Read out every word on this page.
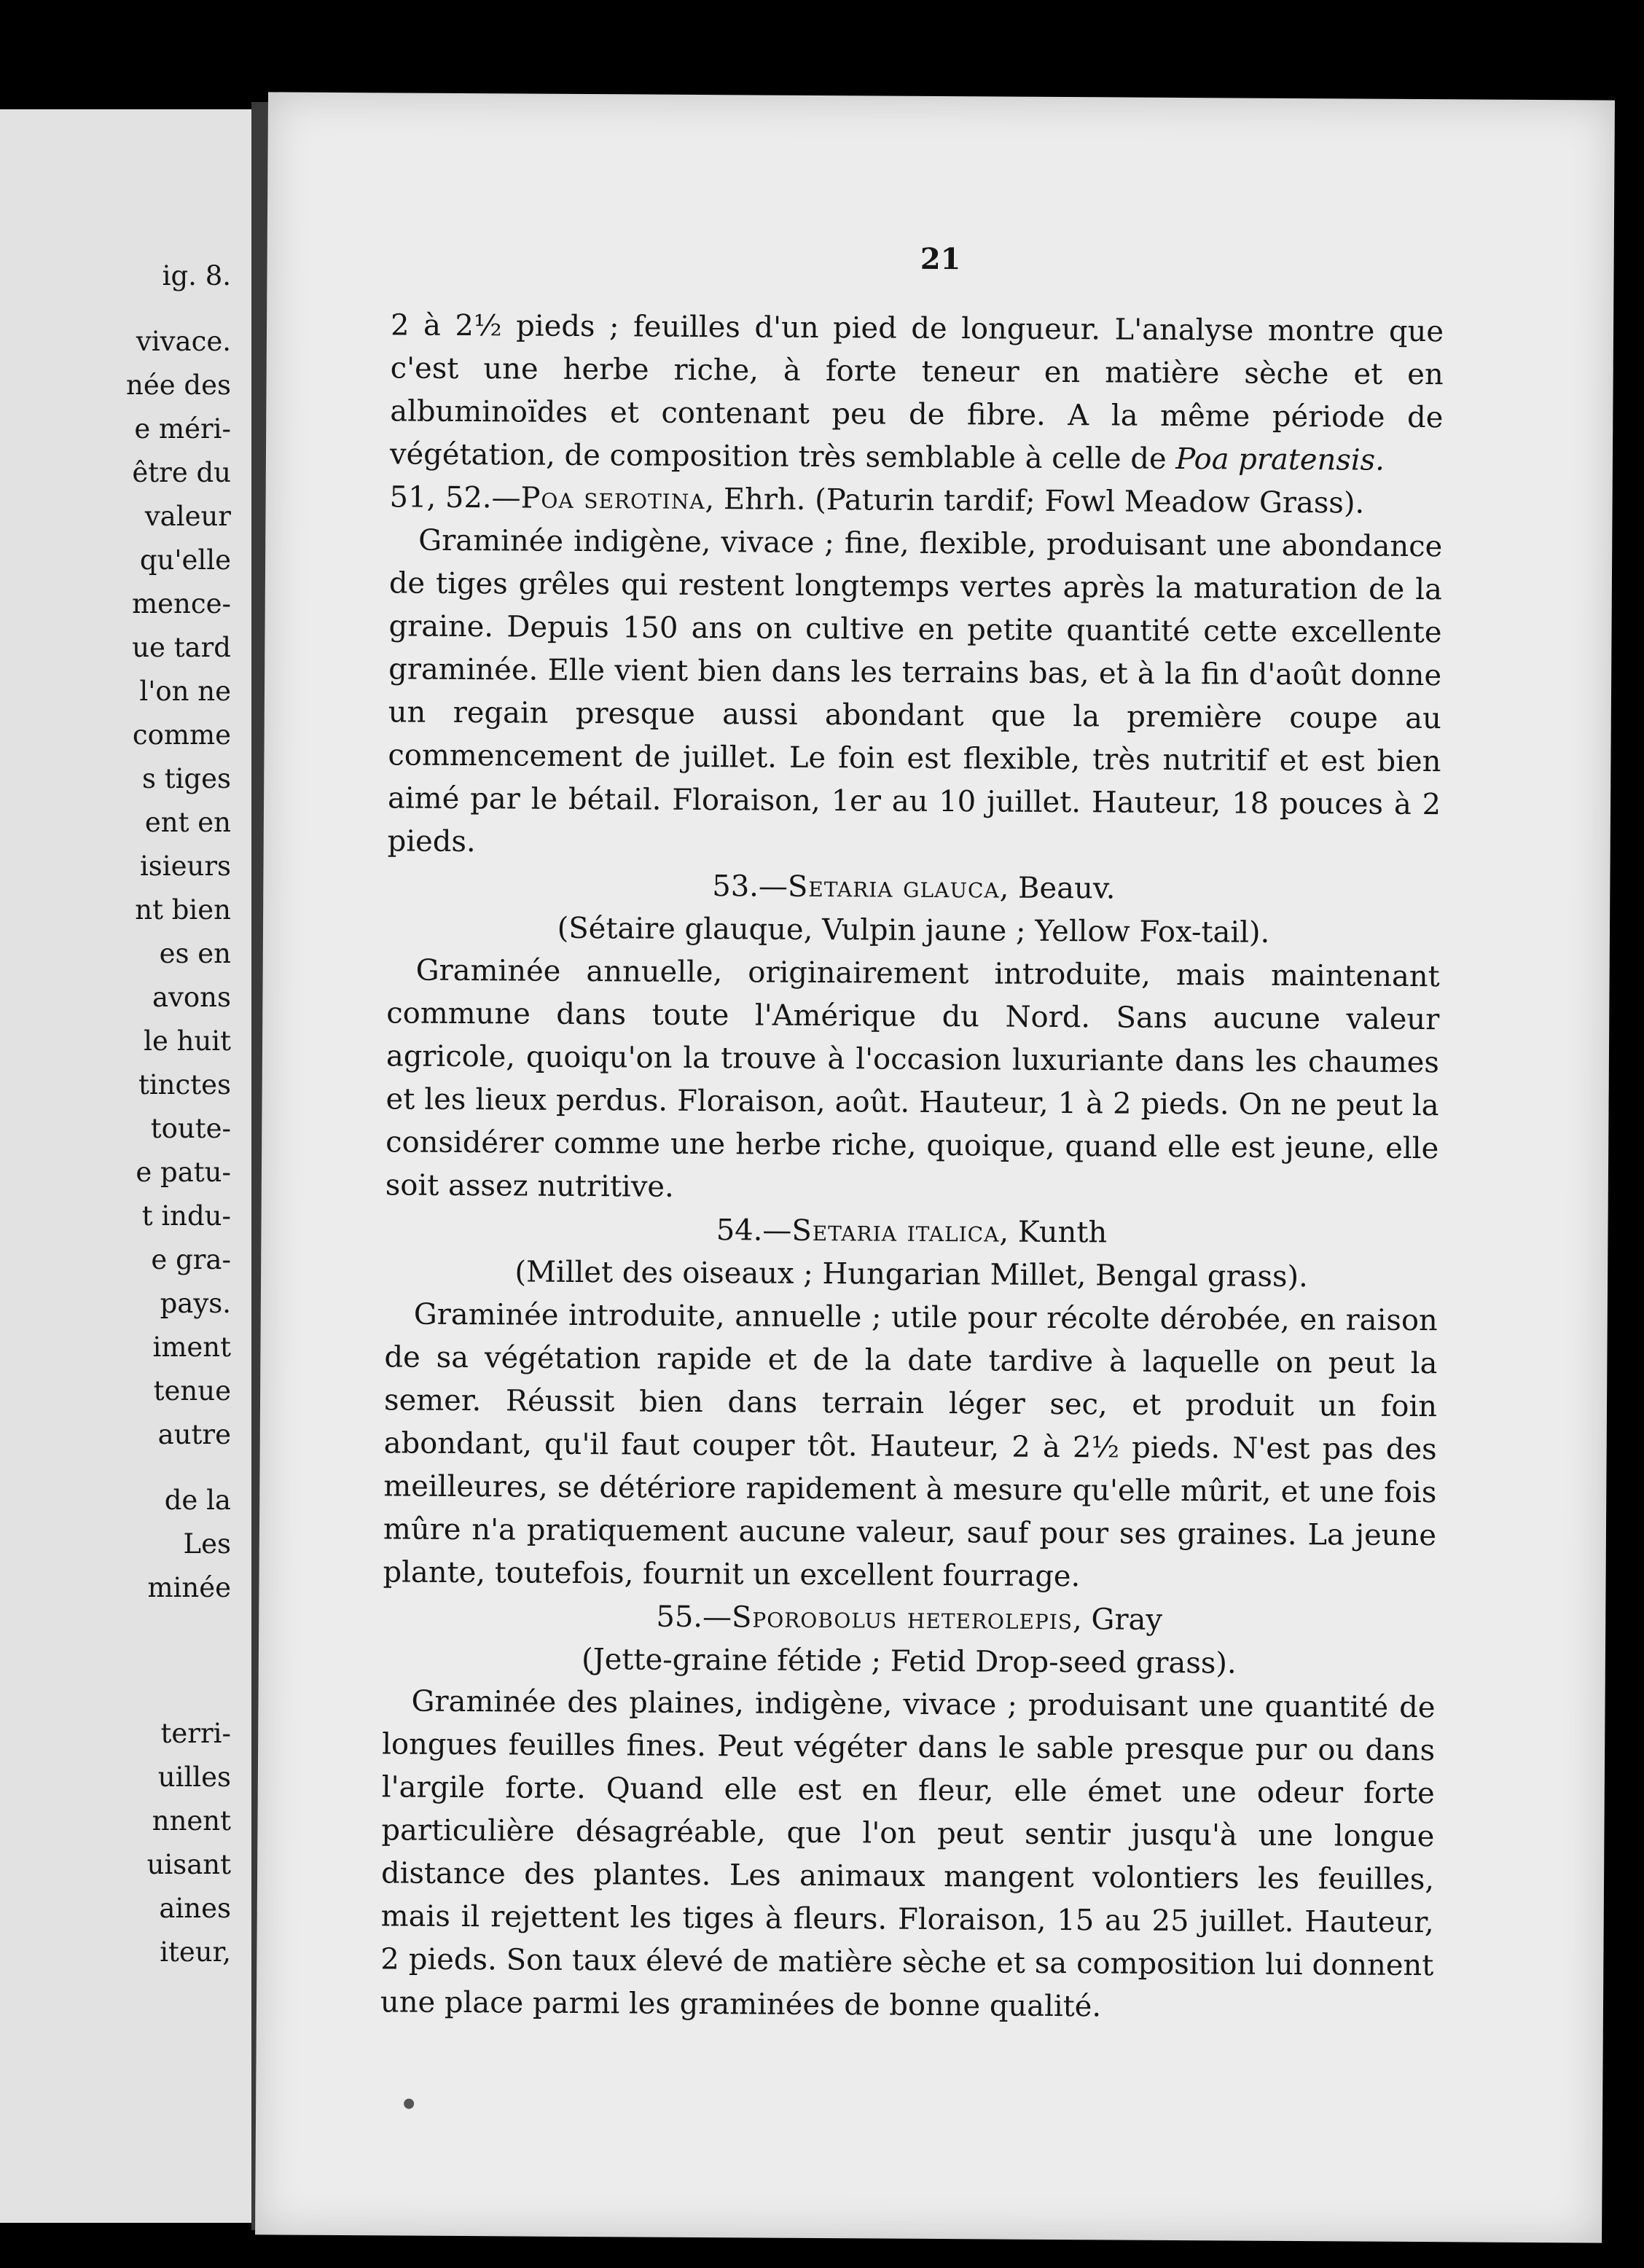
ig. 8.
vivace.
née des
e méri-
être du
valeur
qu'elle
mence-
ue tard
l'on ne
comme
s tiges
ent en
isieurs
nt bien
es en
avons
le huit
tinctes
toute-
e patu-
t indu-
e gra-
pays.
iment
tenue
autre
de la
Les
minée
terri-
uilles
nnent
uisant
aines
iteur,
21

2 à 2½ pieds ; feuilles d'un pied de longueur. L'analyse montre que c'est une herbe riche, à forte teneur en matière sèche et en albuminoïdes et contenant peu de fibre. A la même période de végétation, de composition très semblable à celle de Poa pratensis.

51, 52.—Poa serotina, Ehrh. (Paturin tardif; Fowl Meadow Grass).

Graminée indigène, vivace ; fine, flexible, produisant une abondance de tiges grêles qui restent longtemps vertes après la maturation de la graine. Depuis 150 ans on cultive en petite quantité cette excellente graminée. Elle vient bien dans les terrains bas, et à la fin d'août donne un regain presque aussi abondant que la première coupe au commencement de juillet. Le foin est flexible, très nutritif et est bien aimé par le bétail. Floraison, 1er au 10 juillet. Hauteur, 18 pouces à 2 pieds.

53.—Setaria glauca, Beauv.

(Sétaire glauque, Vulpin jaune ; Yellow Fox-tail).

Graminée annuelle, originairement introduite, mais maintenant commune dans toute l'Amérique du Nord. Sans aucune valeur agricole, quoiqu'on la trouve à l'occasion luxuriante dans les chaumes et les lieux perdus. Floraison, août. Hauteur, 1 à 2 pieds. On ne peut la considérer comme une herbe riche, quoique, quand elle est jeune, elle soit assez nutritive.

54.—Setaria italica, Kunth

(Millet des oiseaux ; Hungarian Millet, Bengal grass).

Graminée introduite, annuelle ; utile pour récolte dérobée, en raison de sa végétation rapide et de la date tardive à laquelle on peut la semer. Réussit bien dans terrain léger sec, et produit un foin abondant, qu'il faut couper tôt. Hauteur, 2 à 2½ pieds. N'est pas des meilleures, se détériore rapidement à mesure qu'elle mûrit, et une fois mûre n'a pratiquement aucune valeur, sauf pour ses graines. La jeune plante, toutefois, fournit un excellent fourrage.

55.—Sporobolus heterolepis, Gray

(Jette-graine fétide ; Fetid Drop-seed grass).

Graminée des plaines, indigène, vivace ; produisant une quantité de longues feuilles fines. Peut végéter dans le sable presque pur ou dans l'argile forte. Quand elle est en fleur, elle émet une odeur forte particulière désagréable, que l'on peut sentir jusqu'à une longue distance des plantes. Les animaux mangent volontiers les feuilles, mais il rejettent les tiges à fleurs. Floraison, 15 au 25 juillet. Hauteur, 2 pieds. Son taux élevé de matière sèche et sa composition lui donnent une place parmi les graminées de bonne qualité.
